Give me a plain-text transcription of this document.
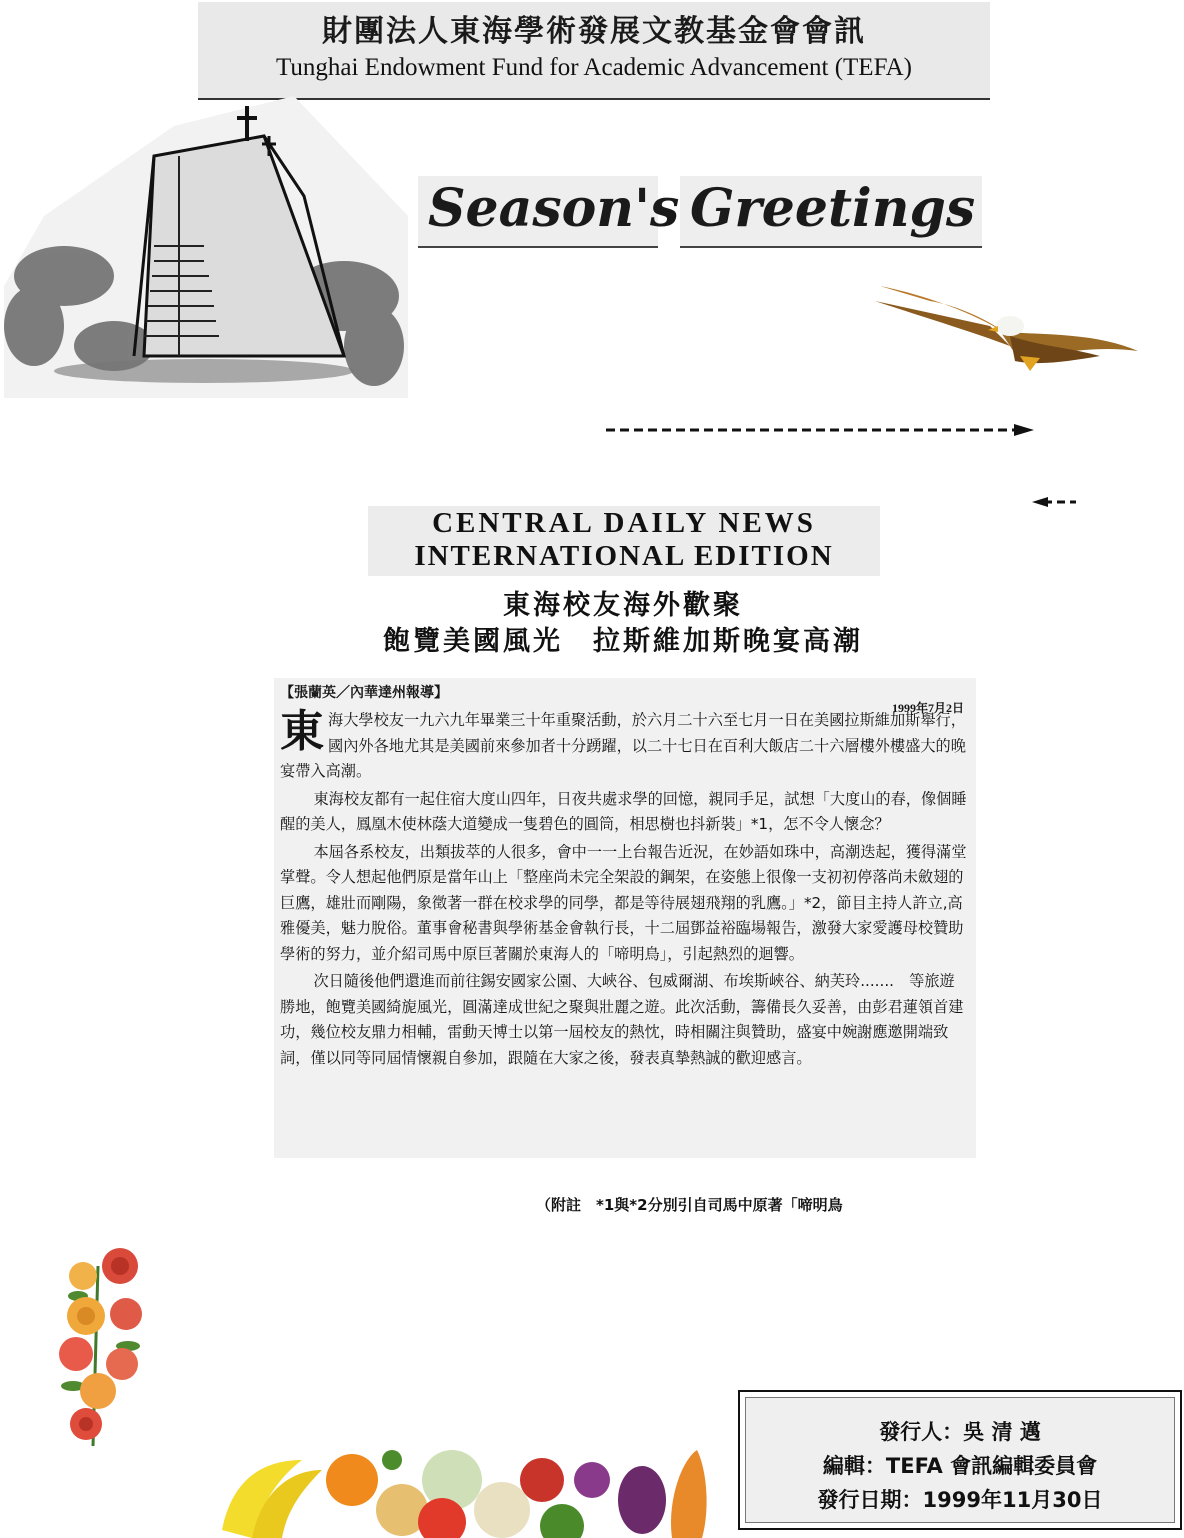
財團法人東海學術發展文教基金會會訊
Tunghai Endowment Fund for Academic Advancement (TEFA)
Season's Greetings
CENTRAL DAILY NEWS
INTERNATIONAL EDITION
東海校友海外歡聚
飽覽美國風光　拉斯維加斯晚宴高潮
【張蘭英／內華達州報導】
1999年7月2日

東海大學校友一九六九年畢業三十年重聚活動，於六月二十六至七月一日在美國拉斯維加斯舉行，國內外各地尤其是美國前來參加者十分踴躍，以二十七日在百利大飯店二十六層樓外樓盛大的晚宴帶入高潮。

東海校友都有一起住宿大度山四年，日夜共處求學的回憶，親同手足，試想「大度山的春，像個睡醒的美人，鳳凰木使林蔭大道變成一隻碧色的圓筒，相思樹也抖新裝」*1，怎不令人懷念？

本屆各系校友，出類拔萃的人很多，會中一一上台報告近況，在妙語如珠中，高潮迭起，獲得滿堂掌聲。令人想起他們原是當年山上「整座尚未完全架設的鋼架，在姿態上很像一支初初停落尚未斂翅的巨鷹，雄壯而剛陽，象徵著一群在校求學的同學，都是等待展翅飛翔的乳鷹。」*2，節目主持人許立,高雅優美，魅力脫俗。董事會秘書與學術基金會執行長，十二屆鄧益裕臨場報告，激發大家愛護母校贊助學術的努力，並介紹司馬中原巨著關於東海人的「啼明鳥」，引起熱烈的迴響。

次日隨後他們還進而前往錫安國家公園、大峽谷、包威爾湖、布埃斯峽谷、納芙玲.......　等旅遊勝地，飽覽美國綺旎風光，圓滿達成世紀之聚與壯麗之遊。此次活動，籌備長久妥善，由彭君蓮領首建功，幾位校友鼎力相輔，雷動天博士以第一屆校友的熱忱，時相關注與贊助，盛宴中婉謝應邀開端致詞，僅以同等同屆情懷親自參加，跟隨在大家之後，發表真摯熱誠的歡迎感言。

（附註　*1與*2分別引自司馬中原著「啼明鳥
發行人：吳 清 邁
編輯：TEFA 會訊編輯委員會
發行日期：1999年11月30日
